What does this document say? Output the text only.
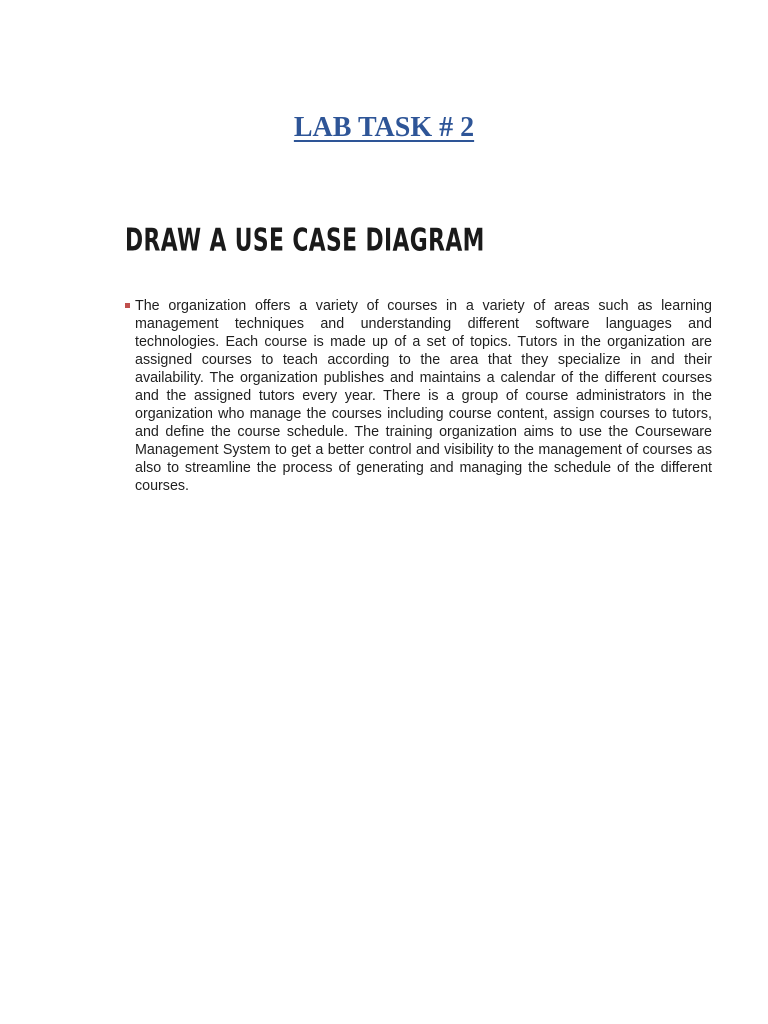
LAB TASK # 2
DRAW A USE CASE DIAGRAM

The organization offers a variety of courses in a variety of areas such as learning management techniques and understanding different software languages and technologies. Each course is made up of a set of topics. Tutors in the organization are assigned courses to teach according to the area that they specialize in and their availability. The organization publishes and maintains a calendar of the different courses and the assigned tutors every year. There is a group of course administrators in the organization who manage the courses including course content, assign courses to tutors, and define the course schedule. The training organization aims to use the Courseware Management System to get a better control and visibility to the management of courses as also to streamline the process of generating and managing the schedule of the different courses.
